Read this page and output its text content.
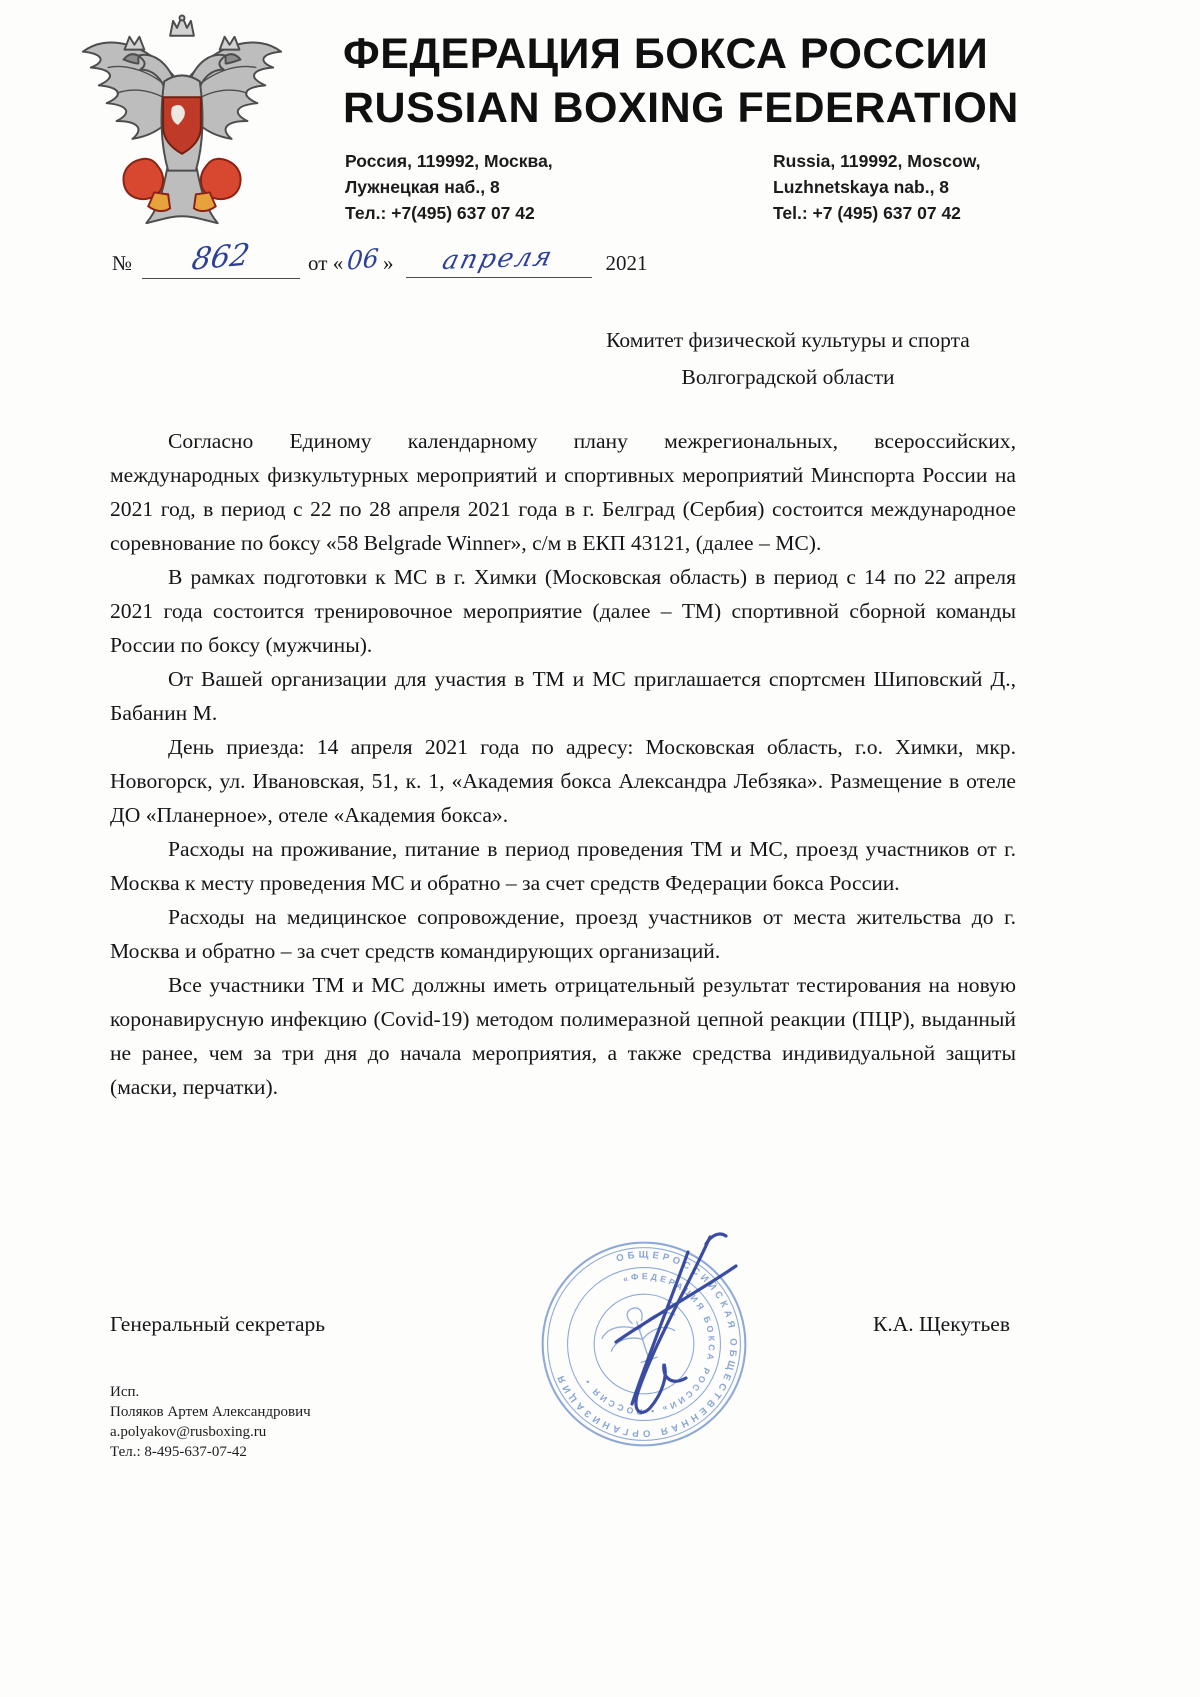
ФЕДЕРАЦИЯ БОКСА РОССИИ
RUSSIAN BOXING FEDERATION
Россия, 119992, Москва,
Лужнецкая наб., 8
Тел.: +7(495) 637 07 42
Russia, 119992, Moscow,
Luzhnetskaya nab., 8
Tel.: +7 (495) 637 07 42
№	862	от « 06 »	апреля	2021
Комитет физической культуры и спорта
Волгоградской области

Согласно Единому календарному плану межрегиональных, всероссийских, международных физкультурных мероприятий и спортивных мероприятий Минспорта России на 2021 год, в период с 22 по 28 апреля 2021 года в г. Белград (Сербия) состоится международное соревнование по боксу «58 Belgrade Winner», с/м в ЕКП 43121, (далее – МС).

В рамках подготовки к МС в г. Химки (Московская область) в период с 14 по 22 апреля 2021 года состоится тренировочное мероприятие (далее – ТМ) спортивной сборной команды России по боксу (мужчины).

От Вашей организации для участия в ТМ и МС приглашается спортсмен Шиповский Д., Бабанин М.

День приезда: 14 апреля 2021 года по адресу: Московская область, г.о. Химки, мкр. Новогорск, ул. Ивановская, 51, к. 1, «Академия бокса Александра Лебзяка». Размещение в отеле ДО «Планерное», отеле «Академия бокса».

Расходы на проживание, питание в период проведения ТМ и МС, проезд участников от г. Москва к месту проведения МС и обратно – за счет средств Федерации бокса России.

Расходы на медицинское сопровождение, проезд участников от места жительства до г. Москва и обратно – за счет средств командирующих организаций.

Все участники ТМ и МС должны иметь отрицательный результат тестирования на новую коронавирусную инфекцию (Covid-19) методом полимеразной цепной реакции (ПЦР), выданный не ранее, чем за три дня до начала мероприятия, а также средства индивидуальной защиты (маски, перчатки).

ОБЩЕРОССИЙСКАЯ ОБЩЕСТВЕННАЯ ОРГАНИЗАЦИЯ
«ФЕДЕРАЦИЯ БОКСА РОССИИ» • РОССИЯ •
Генеральный секретарь	К.А. Щекутьев
Исп.
Поляков Артем Александрович
a.polyakov@rusboxing.ru
Тел.: 8-495-637-07-42
